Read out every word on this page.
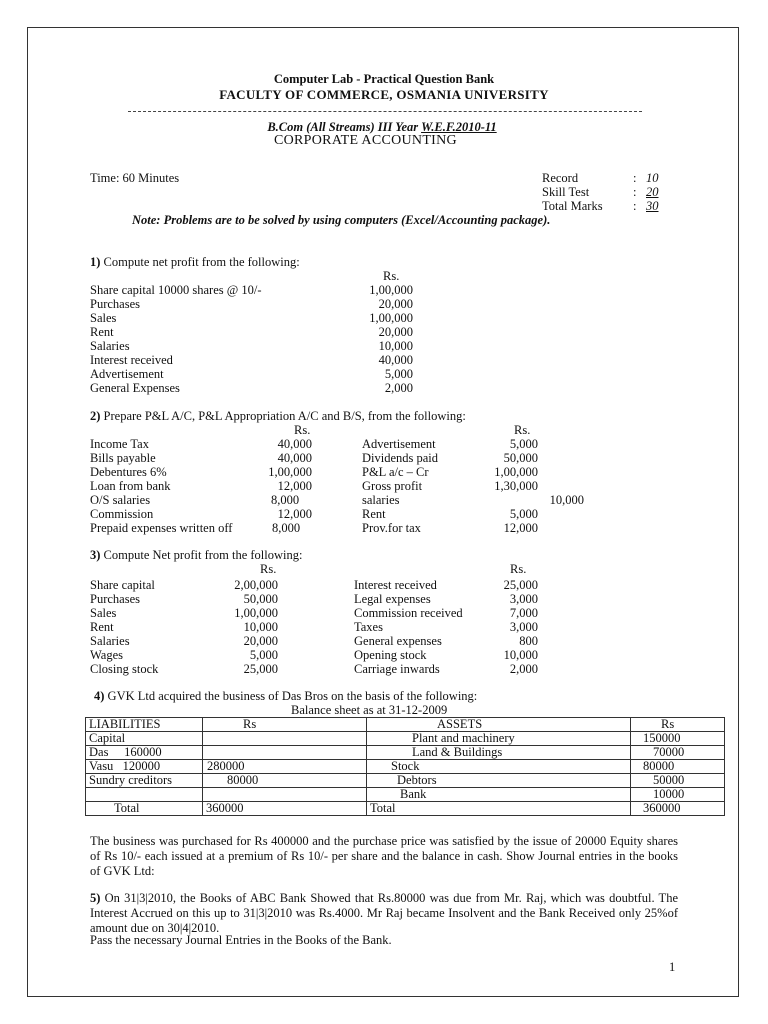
Computer Lab - Practical Question Bank
FACULTY OF COMMERCE, OSMANIA UNIVERSITY
B.Com (All Streams) III Year W.E.F.2010-11
CORPORATE ACCOUNTING
Time: 60 Minutes	Record	: 10
Skill Test	: 20
Total Marks : 30
Note: Problems are to be solved by using computers (Excel/Accounting package).
1) Compute net profit from the following:
Rs.
Share capital 10000 shares @ 10/-	1,00,000
Purchases	20,000
Sales	1,00,000
Rent	20,000
Salaries	10,000
Interest received	40,000
Advertisement	5,000
General Expenses	2,000
2) Prepare P&L A/C, P&L Appropriation A/C and B/S, from the following:
Rs.	Rs.
Income Tax	40,000	Advertisement	5,000
Bills payable	40,000	Dividends paid	50,000
Debentures 6%	1,00,000	P&L a/c – Cr	1,00,000
Loan from bank	12,000	Gross profit	1,30,000
O/S salaries	8,000	salaries	10,000
Commission	12,000	Rent	5,000
Prepaid expenses written off	8,000	Prov.for tax	12,000
3) Compute Net profit from the following:
Rs.	Rs.
Share capital	2,00,000	Interest received	25,000
Purchases	50,000	Legal expenses	3,000
Sales	1,00,000	Commission received	7,000
Rent	10,000	Taxes	3,000
Salaries	20,000	General expenses	800
Wages	5,000	Opening stock	10,000
Closing stock	25,000	Carriage inwards	2,000
4) GVK Ltd acquired the business of Das Bros on the basis of the following:
Balance sheet as at 31-12-2009
LIABILITIES	Rs	ASSETS	Rs
Capital		Plant and machinery	150000
Das     160000		Land & Buildings	70000
Vasu   120000	280000	Stock	80000
Sundry creditors	80000	Debtors	50000
		Bank	10000
Total	360000	Total	360000
The business was purchased for Rs 400000 and the purchase price was satisfied by the issue of 20000 Equity shares of Rs 10/- each issued at a premium of Rs 10/- per share and the balance in cash. Show Journal entries in the books of GVK Ltd:
5) On 31|3|2010, the Books of ABC Bank Showed that Rs.80000 was due from Mr. Raj, which was doubtful. The Interest Accrued on this up to 31|3|2010 was Rs.4000. Mr Raj became Insolvent and the Bank Received only 25%of amount due on 30|4|2010.
Pass the necessary Journal Entries in the Books of the Bank.
1
